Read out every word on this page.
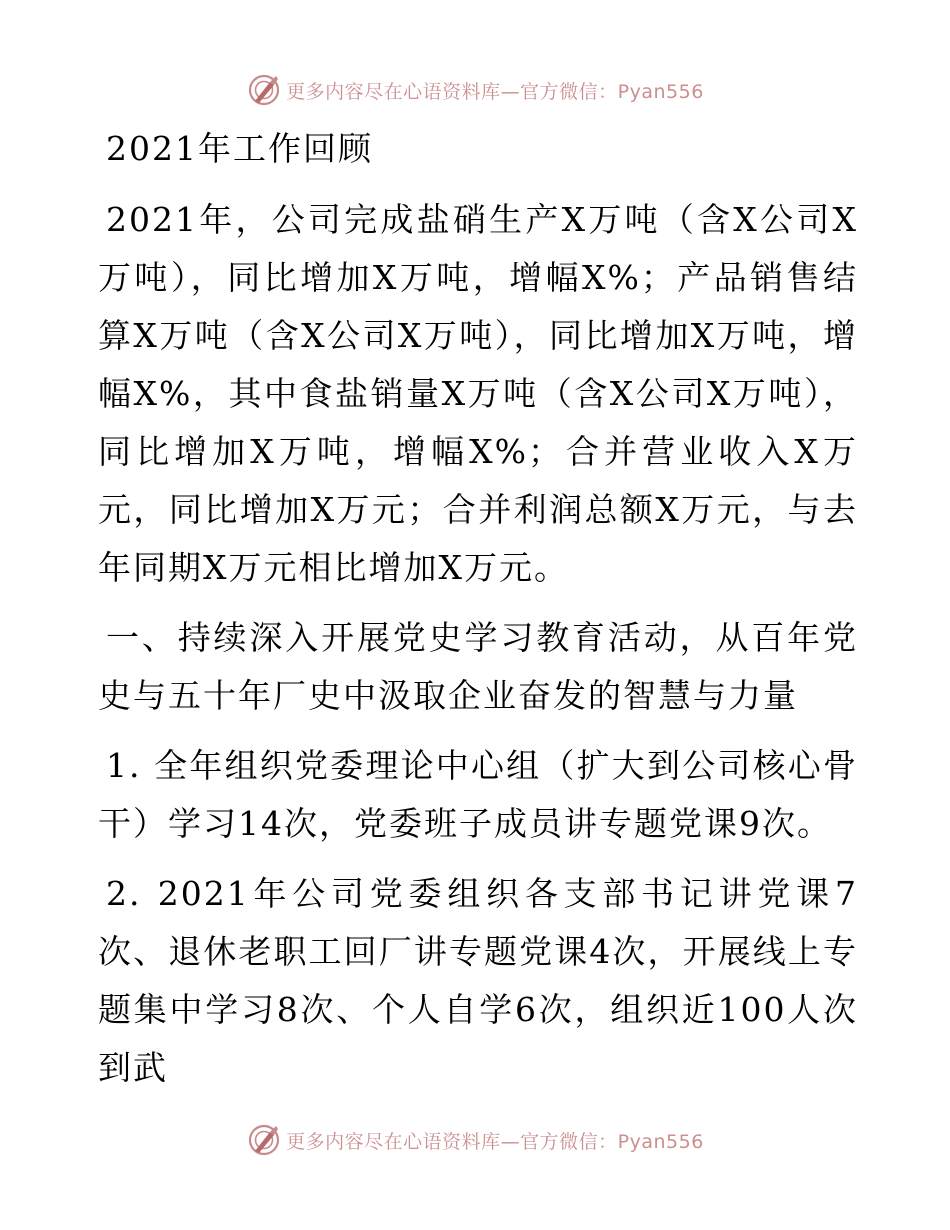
更多内容尽在心语资料库—官方微信：Pyan556
2021年工作回顾

2021年，公司完成盐硝生产X万吨（含X公司X万吨），同比增加X万吨，增幅X%；产品销售结算X万吨（含X公司X万吨），同比增加X万吨，增幅X%，其中食盐销量X万吨（含X公司X万吨），同比增加X万吨，增幅X%；合并营业收入X万元，同比增加X万元；合并利润总额X万元，与去年同期X万元相比增加X万元。

一、持续深入开展党史学习教育活动，从百年党史与五十年厂史中汲取企业奋发的智慧与力量

1. 全年组织党委理论中心组（扩大到公司核心骨干）学习14次，党委班子成员讲专题党课9次。

2. 2021年公司党委组织各支部书记讲党课7次、退休老职工回厂讲专题党课4次，开展线上专题集中学习8次、个人自学6次，组织近100人次到武

更多内容尽在心语资料库—官方微信：Pyan556
